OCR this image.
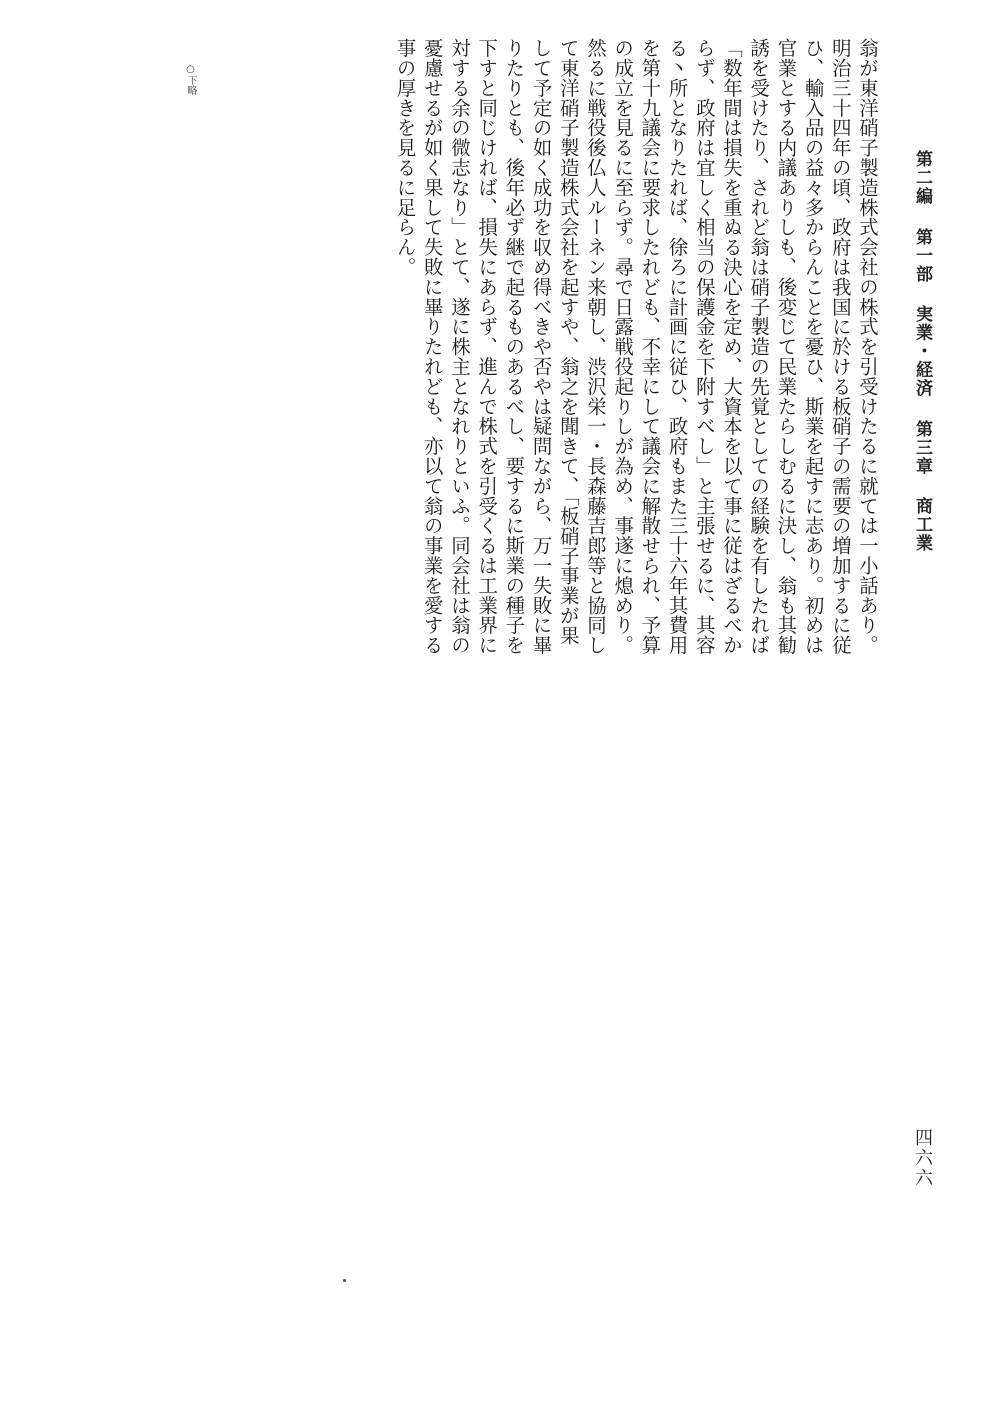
第二編第一部実業・経済第三章商工業
翁が東洋硝子製造株式会社の株式を引受けたるに就ては一小話あり。
明治三十四年の頃、政府は我国に於ける板硝子の需要の増加するに従
ひ、輸入品の益々多からんことを憂ひ、斯業を起すに志あり。初めは
官業とする内議ありしも、後変じて民業たらしむるに決し、翁も其勧
誘を受けたり、されど翁は硝子製造の先覚としての経験を有したれば
「数年間は損失を重ぬる決心を定め、大資本を以て事に従はざるべか
らず、政府は宜しく相当の保護金を下附すべし」と主張せるに、其容
る丶所となりたれば、徐ろに計画に従ひ、政府もまた三十六年其費用
を第十九議会に要求したれども、不幸にして議会に解散せられ、予算
の成立を見るに至らず。尋で日露戦役起りしが為め、事遂に熄めり。
然るに戦役後仏人ルーネン来朝し、渋沢栄一・長森藤吉郎等と協同し
て東洋硝子製造株式会社を起すや、翁之を聞きて、「板硝子事業が果
して予定の如く成功を収め得べきや否やは疑問ながら、万一失敗に畢
りたりとも、後年必ず継で起るものあるべし、要するに斯業の種子を
下すと同じければ、損失にあらず、進んで株式を引受くるは工業界に
対する余の微志なり」とて、遂に株主となれりといふ。同会社は翁の
憂慮せるが如く果して失敗に畢りたれども、亦以て翁の事業を愛する
事の厚きを見るに足らん。
○下略
四六六
